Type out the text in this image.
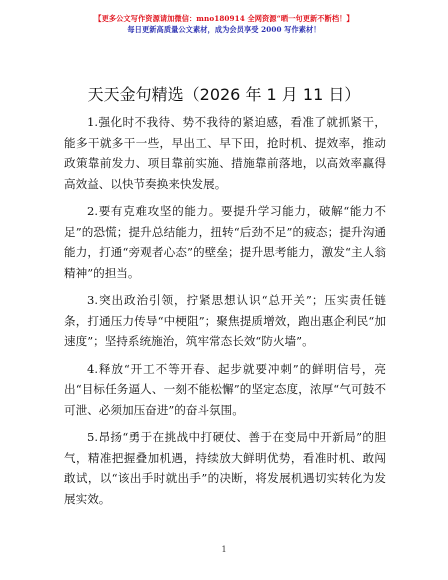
【更多公文写作资源请加微信：mno180914 全网资源“晒一句更新不断档！】
每日更新高质量公文素材，成为会员享受 2000 写作素材！
天天金句精选（2026 年 1 月 11 日）

1.强化时不我待、势不我待的紧迫感，看准了就抓紧干，能多干就多干一些，早出工、早下田，抢时机、提效率，推动政策靠前发力、项目靠前实施、措施靠前落地，以高效率赢得高效益、以快节奏换来快发展。

2.要有克难攻坚的能力。要提升学习能力，破解“能力不足”的恐慌；提升总结能力，扭转“后劲不足”的疲态；提升沟通能力，打通“旁观者心态”的壁垒；提升思考能力，激发“主人翁精神”的担当。

3.突出政治引领，拧紧思想认识“总开关”；压实责任链条，打通压力传导“中梗阻”；聚焦提质增效，跑出惠企利民“加速度”；坚持系统施治，筑牢常态长效“防火墙”。

4.释放“开工不等开春、起步就要冲刺”的鲜明信号，亮出“目标任务逼人、一刻不能松懈”的坚定态度，浓厚“气可鼓不可泄、必须加压奋进”的奋斗氛围。

5.昂扬“勇于在挑战中打硬仗、善于在变局中开新局”的胆气，精准把握叠加机遇，持续放大鲜明优势，看准时机、敢闯敢试，以“该出手时就出手”的决断，将发展机遇切实转化为发展实效。

1
